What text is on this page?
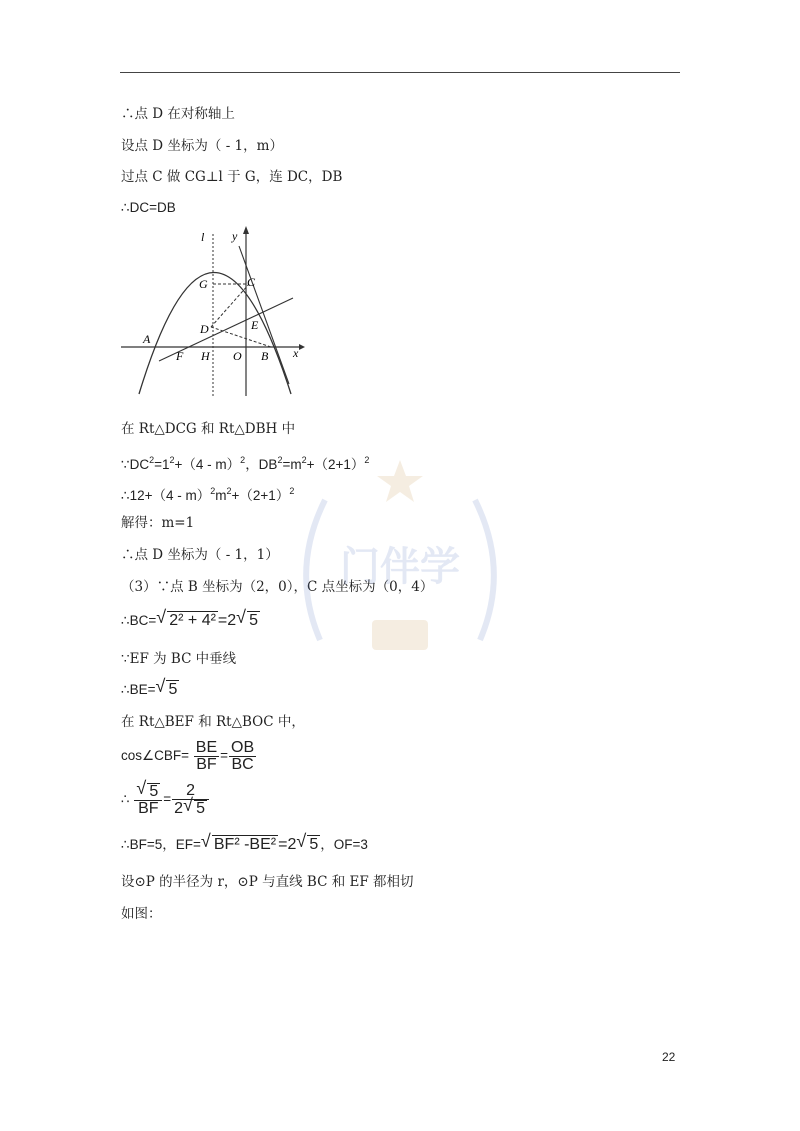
∴点 D 在对称轴上
设点 D 坐标为（ - 1，m）
过点 C 做 CG⊥l 于 G，连 DC，DB
∴DC=DB
y
l
G	C
D	E
A
F H O B x
在 Rt△DCG 和 Rt△DBH 中
$\because DC^2=1^2+(4 - m)^2$，$DB^2=m^2+(2+1)^2$
∴12+（4 - $m)^2m^2+(2+1)^2$
解得：m=1
∴点 D 坐标为（ - 1，1）
（3）∵点 B 坐标为（2，0），C 点坐标为（0，4）
∴BC= √ 2² + 4² =2 √ 5
∵EF 为 BC 中垂线
∴BE= √ 5
在 Rt△BEF 和 Rt△BOC 中，
cos∠CBF= $\frac{BE}{BF} = \frac{OB}{BC}$
∴ √ $\frac{5}{BF} = \frac{2}{2 √ 5}$
∴BF=5，EF= √ BF² -BE² =2 √ 5 ，OF=3
设⊙P 的半径为 r，⊙P 与直线 BC 和 EF 都相切
如图：
门伴学
22
